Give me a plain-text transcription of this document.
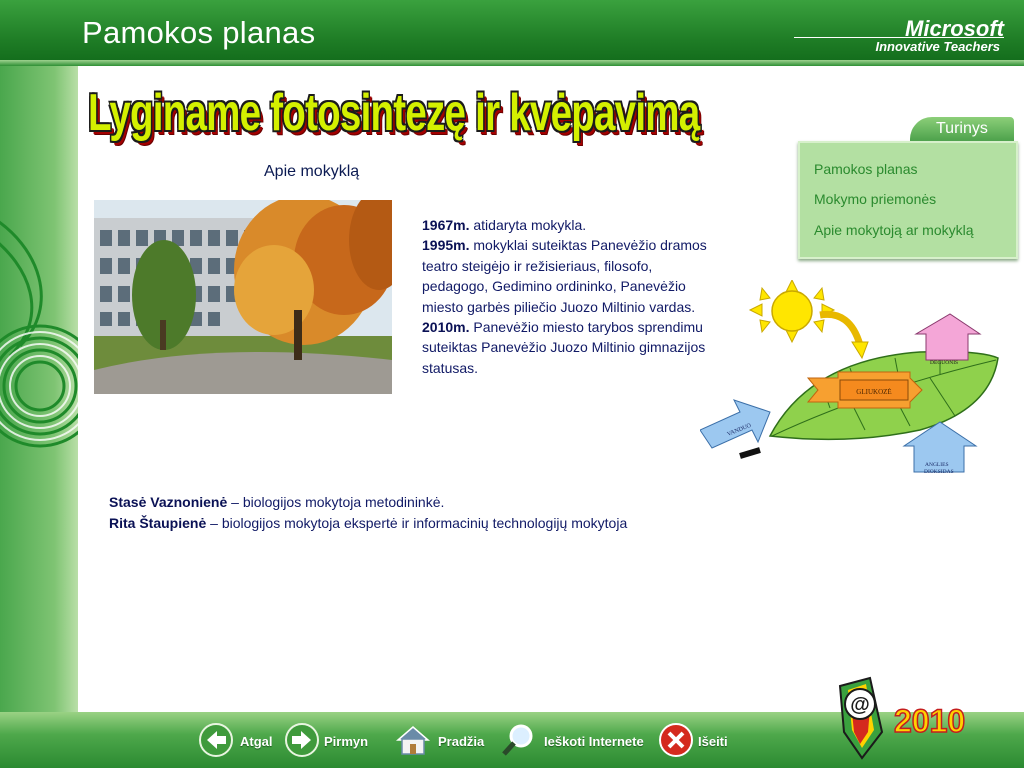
Pamokos planas	Microsoft
Innovative Teachers
Lyginame fotosintezę ir kvėpavimą	Turinys
Pamokos planas
Mokymo priemonės
Apie mokytoją ar mokyklą
Apie mokyklą
1967m. atidaryta mokykla.
1995m. mokyklai suteiktas Panevėžio dramos teatro steigėjo ir režisieriaus, filosofo, pedagogo, Gedimino ordininko, Panevėžio miesto garbės piliečio Juozo Miltinio vardas.
2010m. Panevėžio miesto tarybos sprendimu suteiktas Panevėžio Juozo Miltinio gimnazijos statusas.
Stasė Vaznonienė – biologijos mokytoja metodininkė.
Rita Štaupienė – biologijos mokytoja ekspertė ir informacinių technologijų mokytoja
GLIUKOZĖ
VANDUO
DEGUONIS
ANGLIES
DIOKSIDAS
Atgal	Pirmyn	Pradžia	Ieškoti Internete	Išeiti
@ 2010
